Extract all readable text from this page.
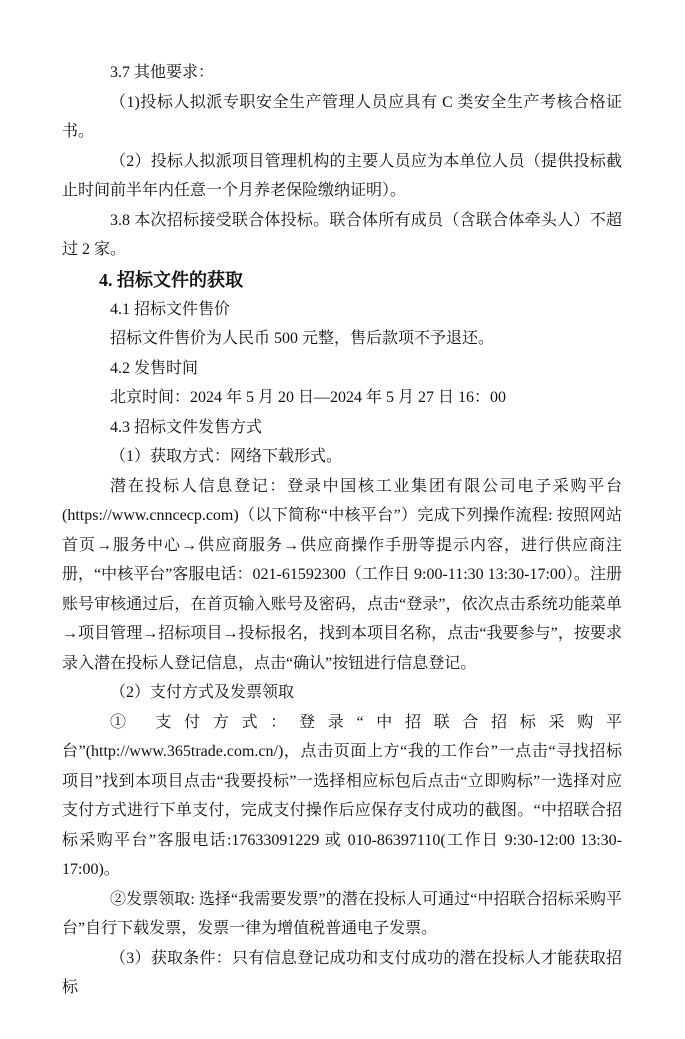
3.7 其他要求：

（1)投标人拟派专职安全生产管理人员应具有 C 类安全生产考核合格证书。

（2）投标人拟派项目管理机构的主要人员应为本单位人员（提供投标截止时间前半年内任意一个月养老保险缴纳证明）。

3.8 本次招标接受联合体投标。联合体所有成员（含联合体牵头人）不超过 2 家。

4. 招标文件的获取

4.1 招标文件售价

招标文件售价为人民币 500 元整，售后款项不予退还。

4.2 发售时间

北京时间：2024 年 5 月 20 日—2024 年 5 月 27 日 16：00

4.3 招标文件发售方式

（1）获取方式：网络下载形式。

潜在投标人信息登记：登录中国核工业集团有限公司电子采购平台(https://www.cnncecp.com)（以下简称“中核平台”）完成下列操作流程: 按照网站首页→服务中心→供应商服务→供应商操作手册等提示内容，进行供应商注册，“中核平台”客服电话：021-61592300（工作日 9:00-11:30 13:30-17:00）。注册账号审核通过后，在首页输入账号及密码，点击“登录”，依次点击系统功能菜单→项目管理→招标项目→投标报名，找到本项目名称，点击“我要参与”，按要求录入潜在投标人登记信息，点击“确认”按钮进行信息登记。

（2）支付方式及发票领取

① 支付方式：登录“中招联合招标采购平台”(http://www.365trade.com.cn/)，点击页面上方“我的工作台”一点击“寻找招标项目”找到本项目点击“我要投标”一选择相应标包后点击“立即购标”一选择对应支付方式进行下单支付，完成支付操作后应保存支付成功的截图。“中招联合招标采购平台”客服电话:17633091229 或 010-86397110(工作日 9:30-12:00 13:30-17:00)。

②发票领取: 选择“我需要发票”的潜在投标人可通过“中招联合招标采购平台”自行下载发票，发票一律为增值税普通电子发票。

（3）获取条件：只有信息登记成功和支付成功的潜在投标人才能获取招标
